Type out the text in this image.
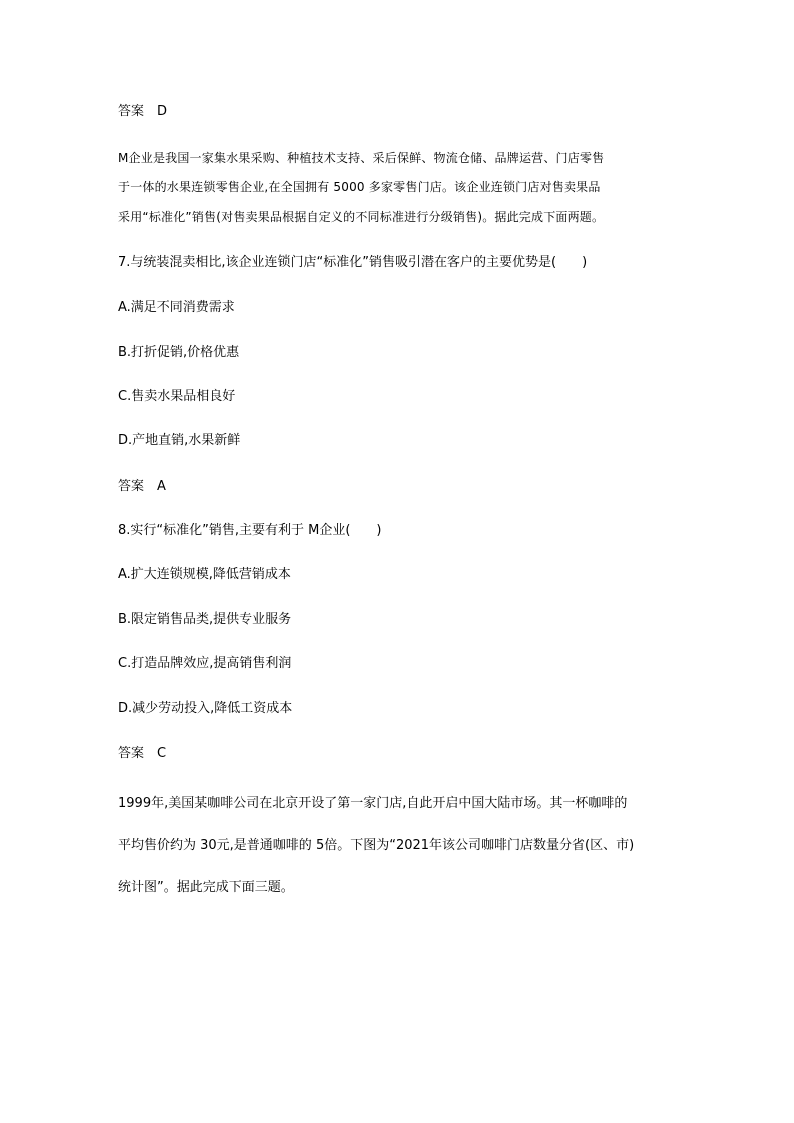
答案　D
M企业是我国一家集水果采购、种植技术支持、采后保鲜、物流仓储、品牌运营、门店零售
于一体的水果连锁零售企业,在全国拥有 5000 多家零售门店。该企业连锁门店对售卖果品
采用“标准化”销售(对售卖果品根据自定义的不同标准进行分级销售)。据此完成下面两题。
7.与统装混卖相比,该企业连锁门店“标准化”销售吸引潜在客户的主要优势是(　　)
A.满足不同消费需求
B.打折促销,价格优惠
C.售卖水果品相良好
D.产地直销,水果新鲜
答案　A
8.实行“标准化”销售,主要有利于 M企业(　　)
A.扩大连锁规模,降低营销成本
B.限定销售品类,提供专业服务
C.打造品牌效应,提高销售利润
D.减少劳动投入,降低工资成本
答案　C
1999年,美国某咖啡公司在北京开设了第一家门店,自此开启中国大陆市场。其一杯咖啡的
平均售价约为 30元,是普通咖啡的 5倍。下图为“2021年该公司咖啡门店数量分省(区、市)
统计图”。据此完成下面三题。
